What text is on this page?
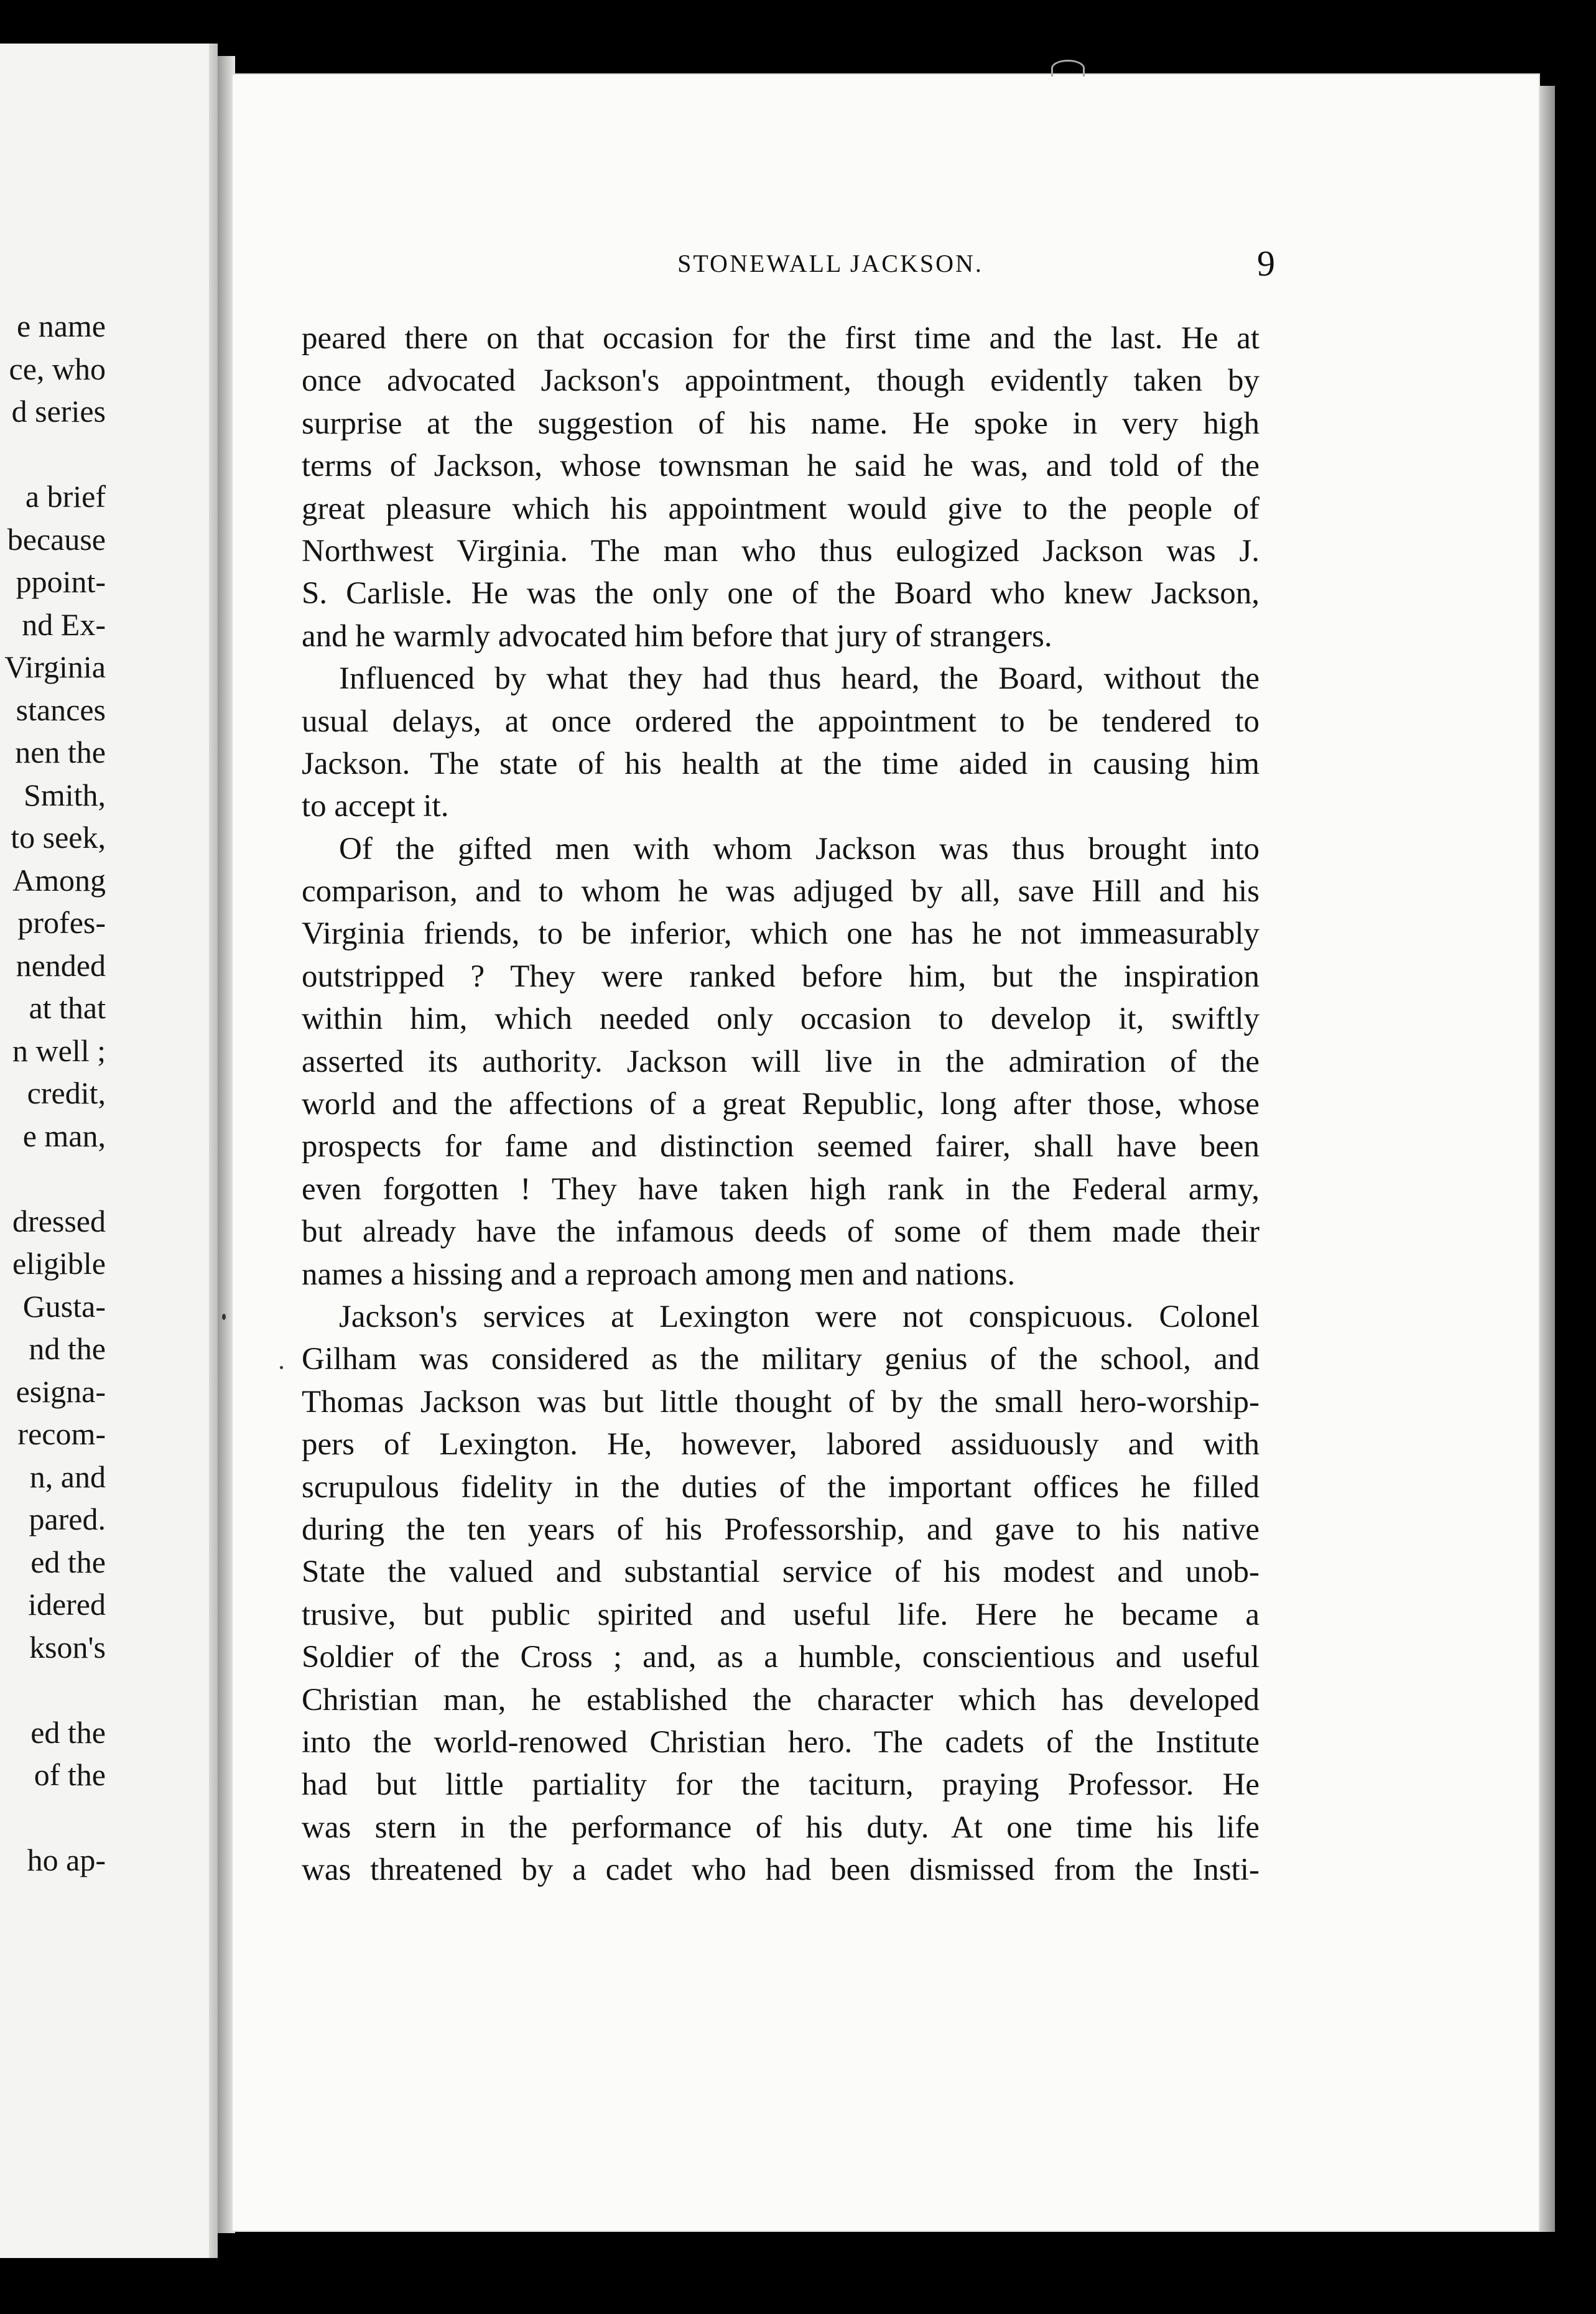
e name
ce, who
d series
a brief
because
ppoint-
nd Ex-
Virginia
stances
nen the
Smith,
to seek,
Among
profes-
nended
at that
n well ;
credit,
e man,
dressed
eligible
Gusta-
nd the
esigna-
recom-
n, and
pared.
ed the
idered
kson's
ed the
of the
ho ap-
STONEWALL JACKSON.	9
peared there on that occasion for the first time and the last. He at
once advocated Jackson's appointment, though evidently taken by
surprise at the suggestion of his name. He spoke in very high
terms of Jackson, whose townsman he said he was, and told of the
great pleasure which his appointment would give to the people of
Northwest Virginia. The man who thus eulogized Jackson was J.
S. Carlisle. He was the only one of the Board who knew Jackson,
and he warmly advocated him before that jury of strangers.
Influenced by what they had thus heard, the Board, without the
usual delays, at once ordered the appointment to be tendered to
Jackson. The state of his health at the time aided in causing him
to accept it.
Of the gifted men with whom Jackson was thus brought into
comparison, and to whom he was adjuged by all, save Hill and his
Virginia friends, to be inferior, which one has he not immeasurably
outstripped ? They were ranked before him, but the inspiration
within him, which needed only occasion to develop it, swiftly
asserted its authority. Jackson will live in the admiration of the
world and the affections of a great Republic, long after those, whose
prospects for fame and distinction seemed fairer, shall have been
even forgotten ! They have taken high rank in the Federal army,
but already have the infamous deeds of some of them made their
names a hissing and a reproach among men and nations.
Jackson's services at Lexington were not conspicuous. Colonel
Gilham was considered as the military genius of the school, and
Thomas Jackson was but little thought of by the small hero-worship-
pers of Lexington. He, however, labored assiduously and with
scrupulous fidelity in the duties of the important offices he filled
during the ten years of his Professorship, and gave to his native
State the valued and substantial service of his modest and unob-
trusive, but public spirited and useful life. Here he became a
Soldier of the Cross ; and, as a humble, conscientious and useful
Christian man, he established the character which has developed
into the world-renowed Christian hero. The cadets of the Institute
had but little partiality for the taciturn, praying Professor. He
was stern in the performance of his duty. At one time his life
was threatened by a cadet who had been dismissed from the Insti-
